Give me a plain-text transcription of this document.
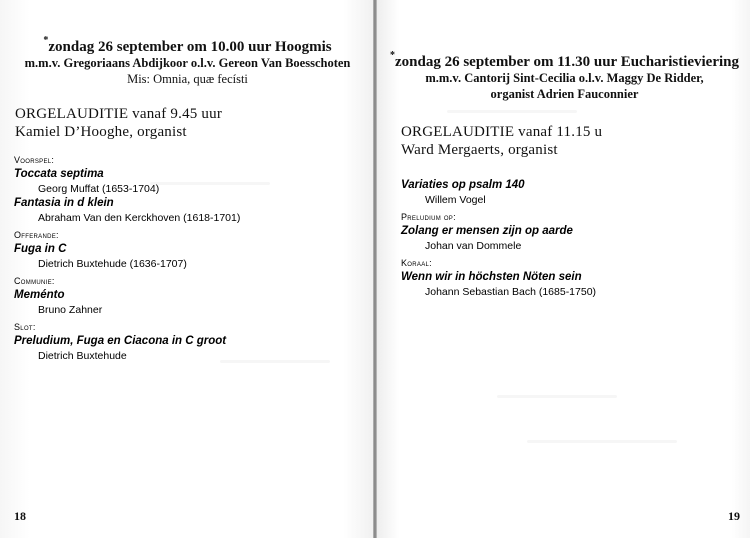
*zondag 26 september om 10.00 uur Hoogmis
m.m.v. Gregoriaans Abdijkoor o.l.v. Gereon Van Boesschoten
Mis: Omnia, quæ fecísti
ORGELAUDITIE vanaf 9.45 uur
Kamiel D’Hooghe, organist
Voorspel:
Toccata septima
Georg Muffat (1653-1704)
Fantasia in d klein
Abraham Van den Kerckhoven (1618-1701)
Offerande:
Fuga in C
Dietrich Buxtehude (1636-1707)
Communie:
Meménto
Bruno Zahner
Slot:
Preludium, Fuga en Ciacona in C groot
Dietrich Buxtehude
18
*zondag 26 september om 11.30 uur Eucharistieviering
m.m.v. Cantorij Sint-Cecilia o.l.v. Maggy De Ridder,
organist Adrien Fauconnier
ORGELAUDITIE vanaf 11.15 u
Ward Mergaerts, organist
Variaties op psalm 140
Willem Vogel
Preludium op:
Zolang er mensen zijn op aarde
Johan van Dommele
Koraal:
Wenn wir in höchsten Nöten sein
Johann Sebastian Bach (1685-1750)
19
